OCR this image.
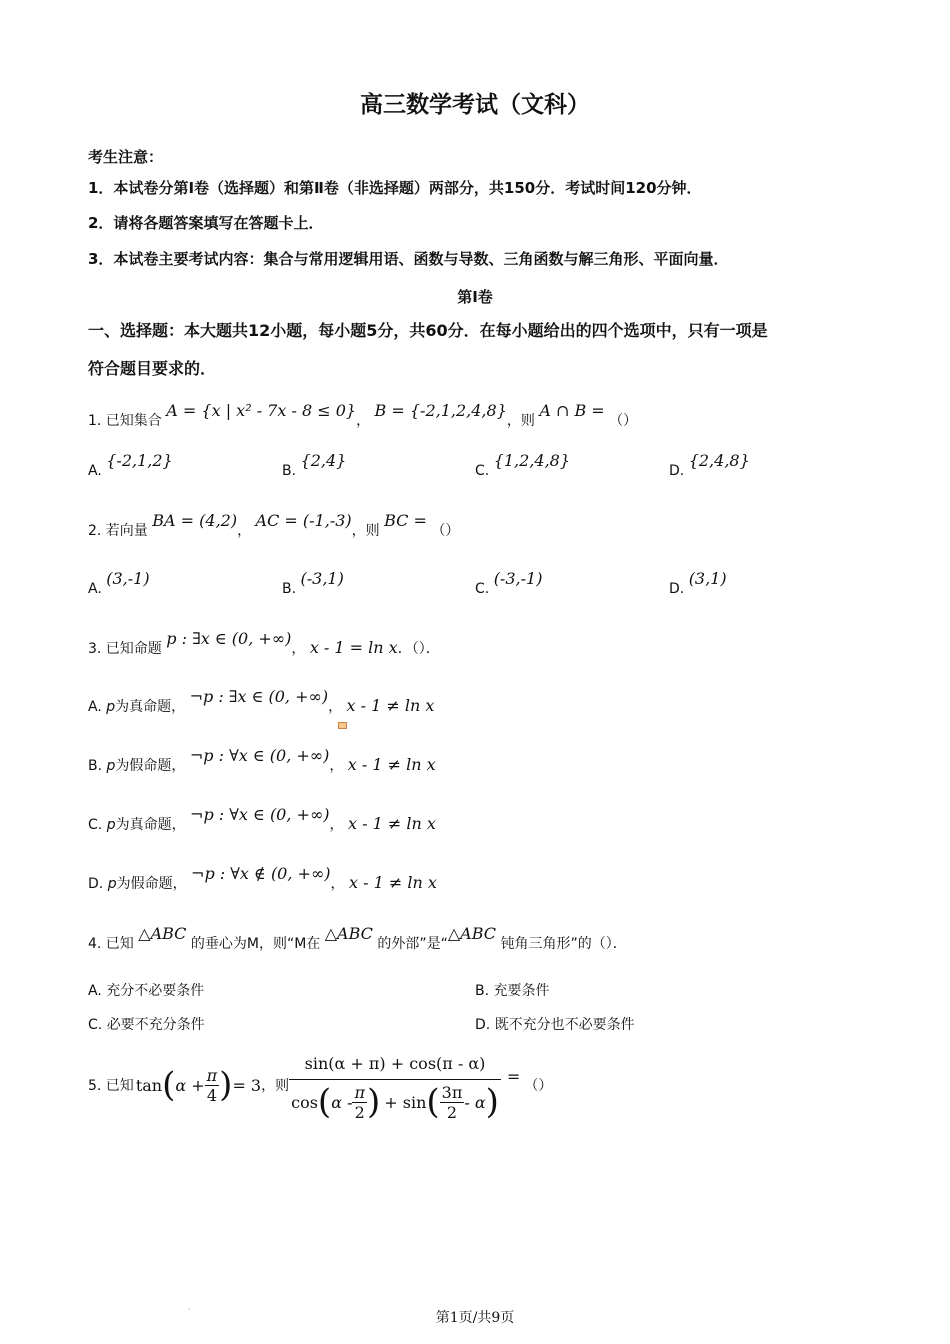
高三数学考试（文科）
考生注意：
1．本试卷分第Ⅰ卷（选择题）和第Ⅱ卷（非选择题）两部分，共150分．考试时间120分钟．
2．请将各题答案填写在答题卡上．
3．本试卷主要考试内容：集合与常用逻辑用语、函数与导数、三角函数与解三角形、平面向量．
第Ⅰ卷
一、选择题：本大题共12小题，每小题5分，共60分．在每小题给出的四个选项中，只有一项是
符合题目要求的．
1. 已知集合 A = {x | x² - 7x - 8 ≤ 0}， B = {-2,1,2,4,8}，则 A ∩ B = （）
A. {-2,1,2}
B. {2,4}
C. {1,2,4,8}
D. {2,4,8}
2. 若向量 BA = (4,2)， AC = (-1,-3)，则 BC = （）
A. (3,-1)
B. (-3,1)
C. (-3,-1)
D. (3,1)
3. 已知命题 p : ∃x ∈ (0, +∞)， x - 1 = ln x．（）．
A. p为真命题， ¬p : ∃x ∈ (0, +∞)， x - 1 ≠ ln x
B. p为假命题， ¬p : ∀x ∈ (0, +∞)， x - 1 ≠ ln x
C. p为真命题， ¬p : ∀x ∈ (0, +∞)， x - 1 ≠ ln x
D. p为假命题， ¬p : ∀x ∉ (0, +∞)， x - 1 ≠ ln x
4. 已知 △ABC 的垂心为M，则“M在 △ABC 的外部”是“△ABC 钝角三角形”的（）．
A. 充分不必要条件	B. 充要条件
C. 必要不充分条件	D. 既不充分也不必要条件
5. 已知 tan ( $\alpha + \frac{\pi}{4}$ ) = 3 ，则
sin(α + π) + cos(π - α)
cos ( α - $\frac{\pi}{2}$ ) + sin ( $\frac{3\pi}{2}$ - α )
=
（）
·
第1页/共9页
